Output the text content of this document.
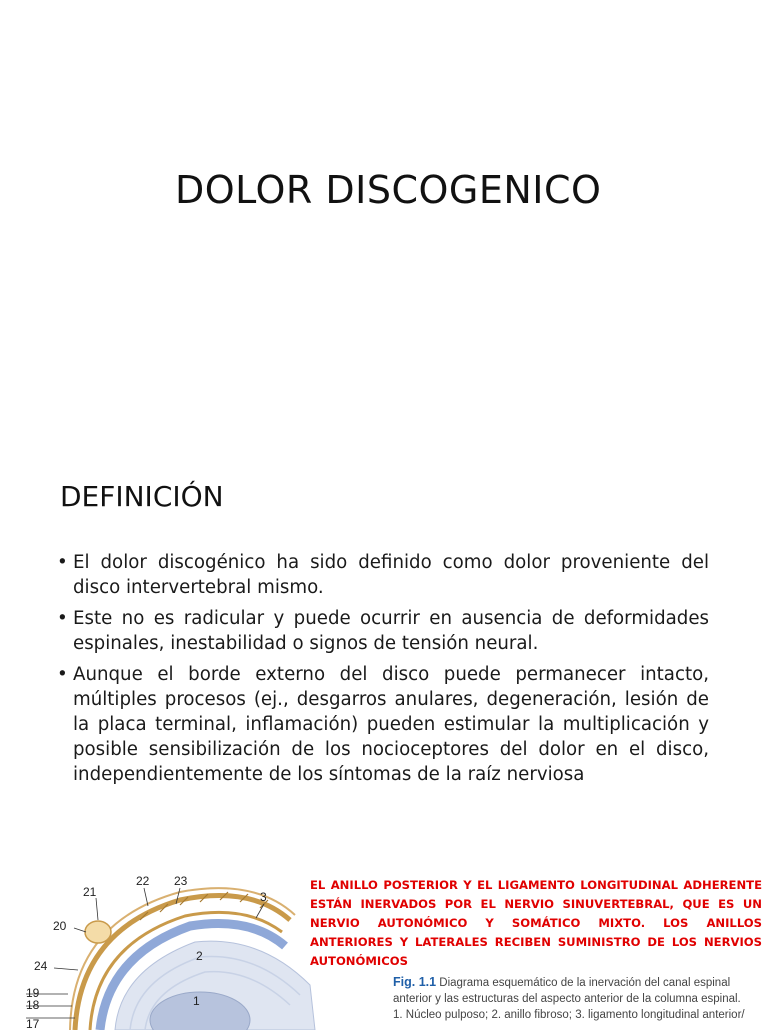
DOLOR DISCOGENICO
DEFINICIÓN
• El dolor discogénico ha sido definido como dolor proveniente del disco intervertebral mismo.
• Este no es radicular y puede ocurrir en ausencia de deformidades espinales, inestabilidad o signos de tensión neural.
• Aunque el borde externo del disco puede permanecer intacto, múltiples procesos (ej., desgarros anulares, degeneración, lesión de la placa terminal, inflamación) pueden estimular la multiplicación y posible sensibilización de los nocioceptores del dolor en el disco, independientemente de los síntomas de la raíz nerviosa
2
1
3
22 23
21
20
24
19
18
17

EL ANILLO POSTERIOR Y EL LIGAMENTO LONGITUDINAL ADHERENTE ESTÁN INERVADOS POR EL NERVIO SINUVERTEBRAL, QUE ES UN NERVIO AUTONÓMICO Y SOMÁTICO MIXTO. LOS ANILLOS ANTERIORES Y LATERALES RECIBEN SUMINISTRO DE LOS NERVIOS AUTONÓMICOS

Fig. 1.1 Diagrama esquemático de la inervación del canal espinal anterior y las estructuras del aspecto anterior de la columna espinal.
1. Núcleo pulposo; 2. anillo fibroso; 3. ligamento longitudinal anterior/
